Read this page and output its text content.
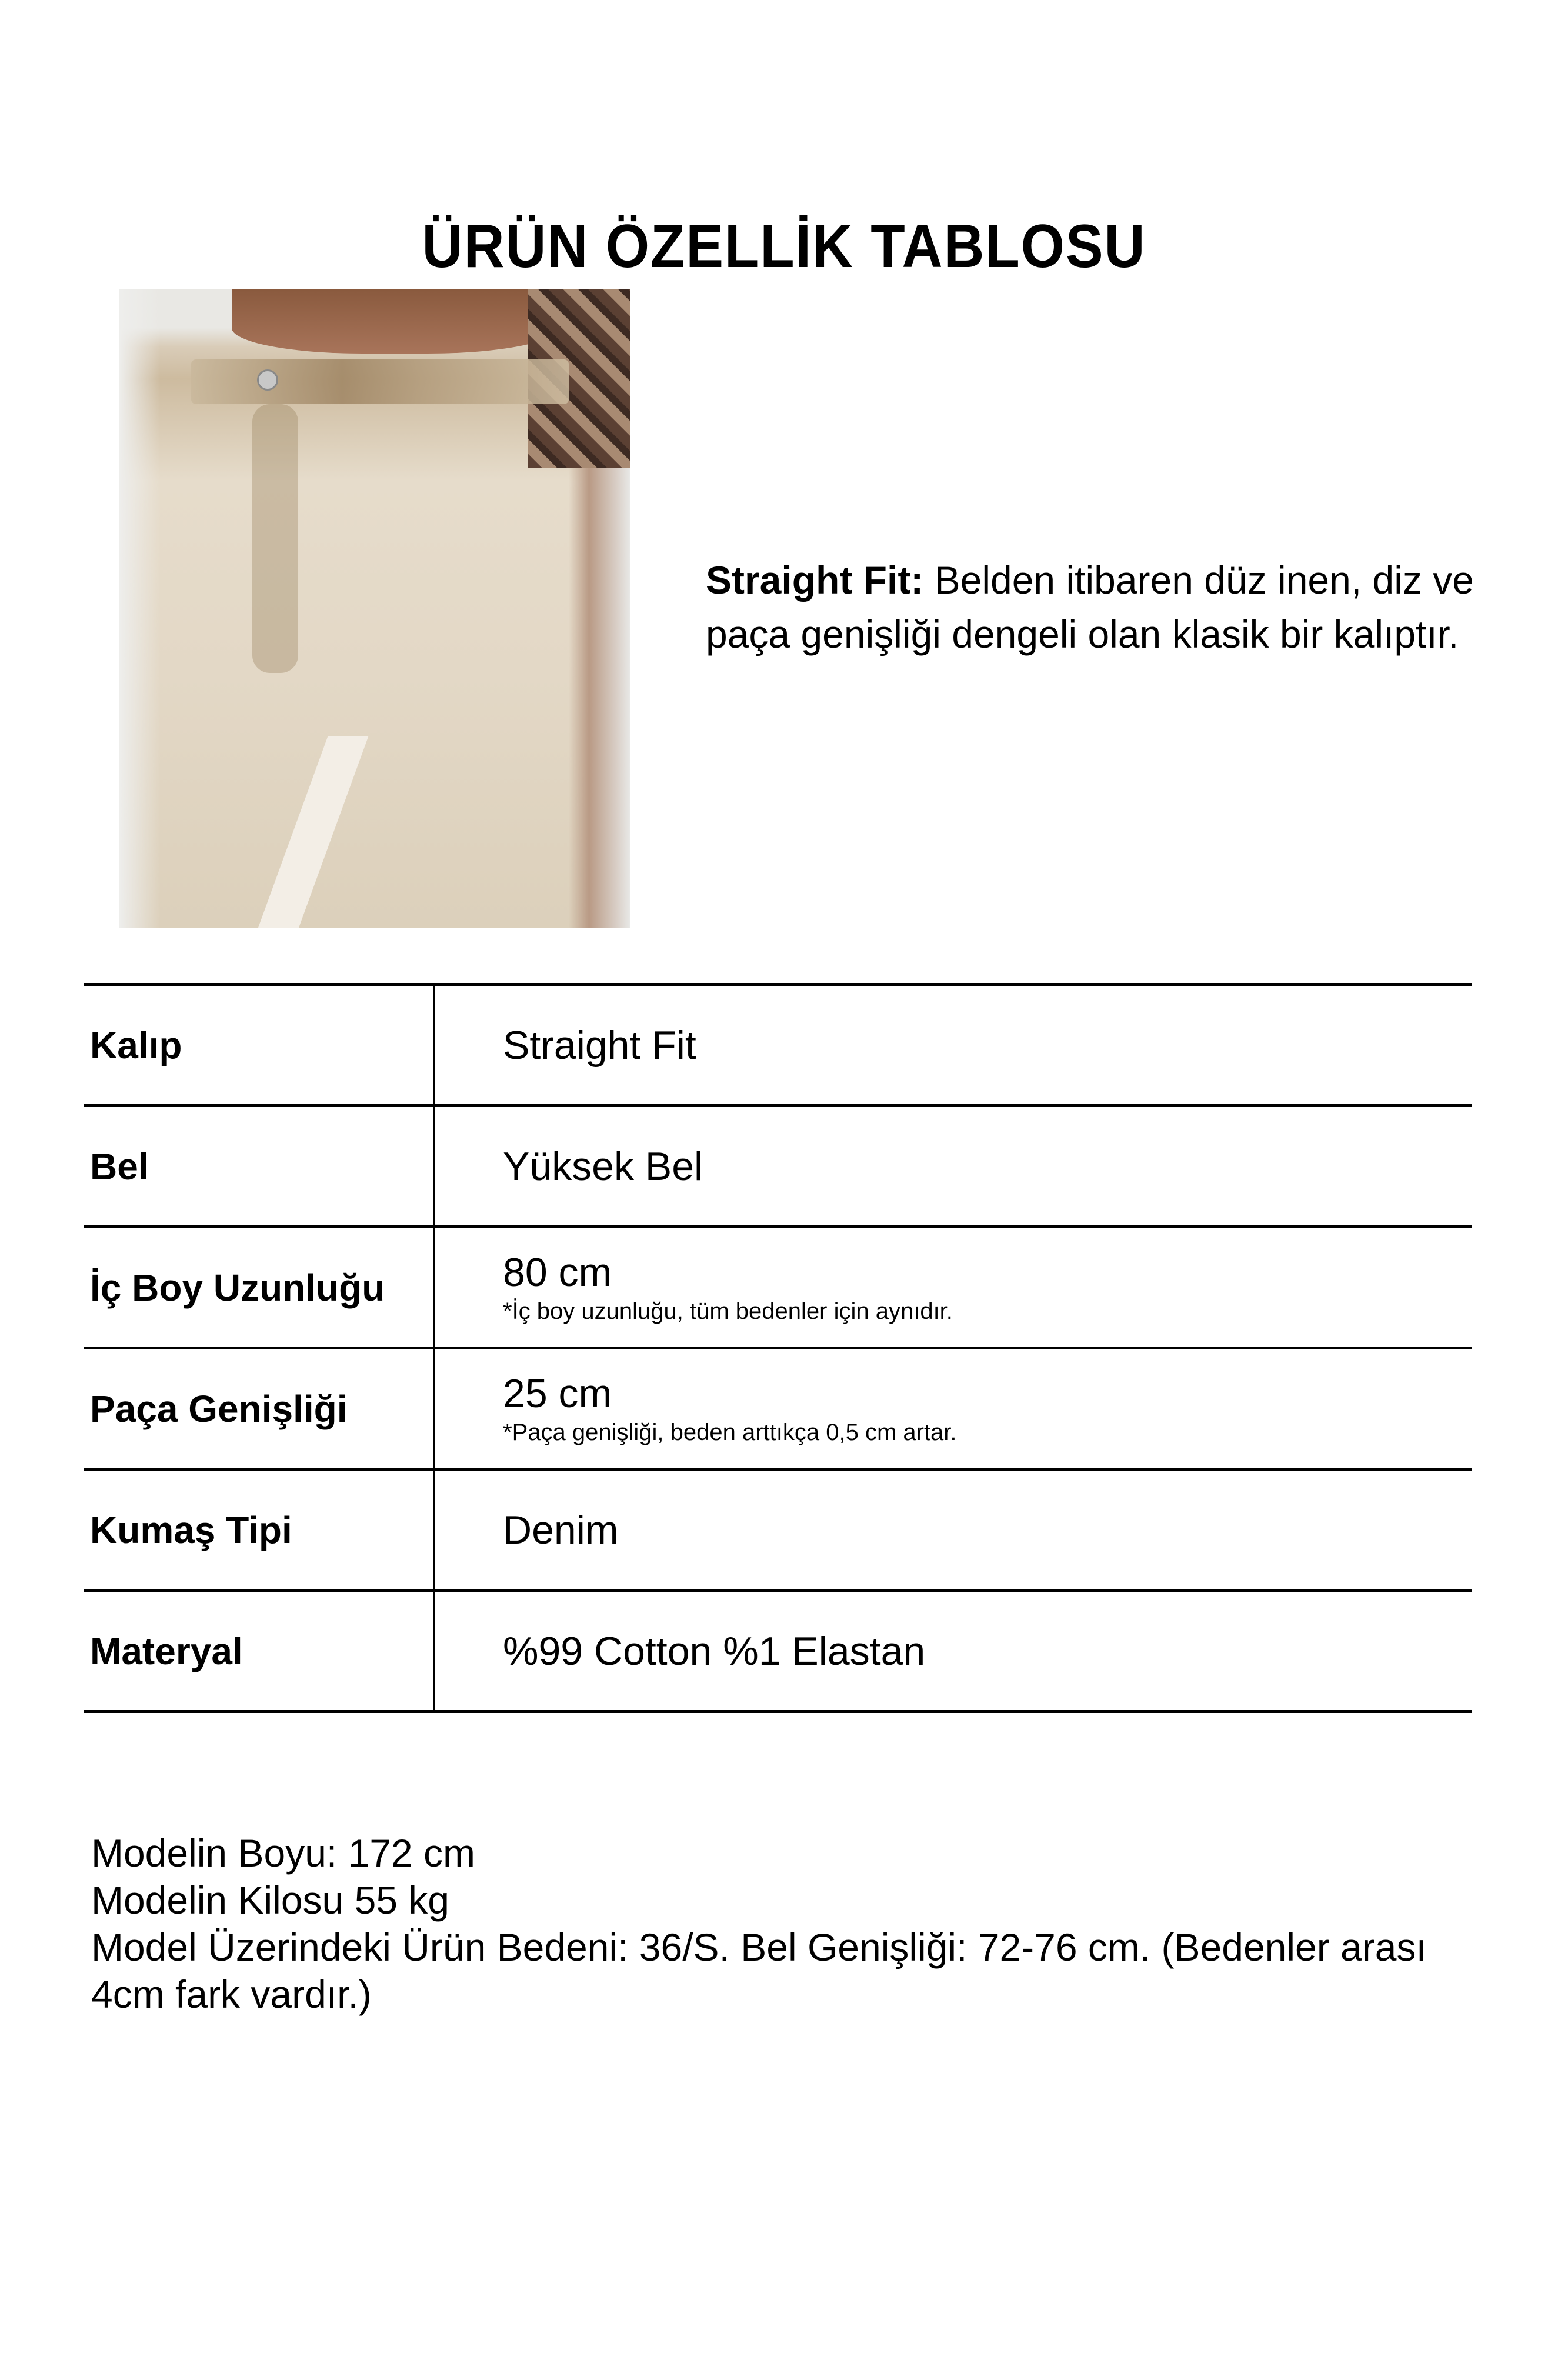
ÜRÜN ÖZELLİK TABLOSU
Straight Fit: Belden itibaren düz inen, diz ve paça genişliği dengeli olan klasik bir kalıptır.
Kalıp	Straight Fit
Bel	Yüksek Bel
İç Boy Uzunluğu	80 cm
*İç boy uzunluğu, tüm bedenler için aynıdır.
Paça Genişliği	25 cm
*Paça genişliği, beden arttıkça 0,5 cm artar.
Kumaş Tipi	Denim
Materyal	%99 Cotton %1 Elastan
Modelin Boyu: 172 cm
Modelin Kilosu 55 kg
Model Üzerindeki Ürün Bedeni: 36/S. Bel Genişliği: 72-76 cm. (Bedenler arası 4cm fark vardır.)
